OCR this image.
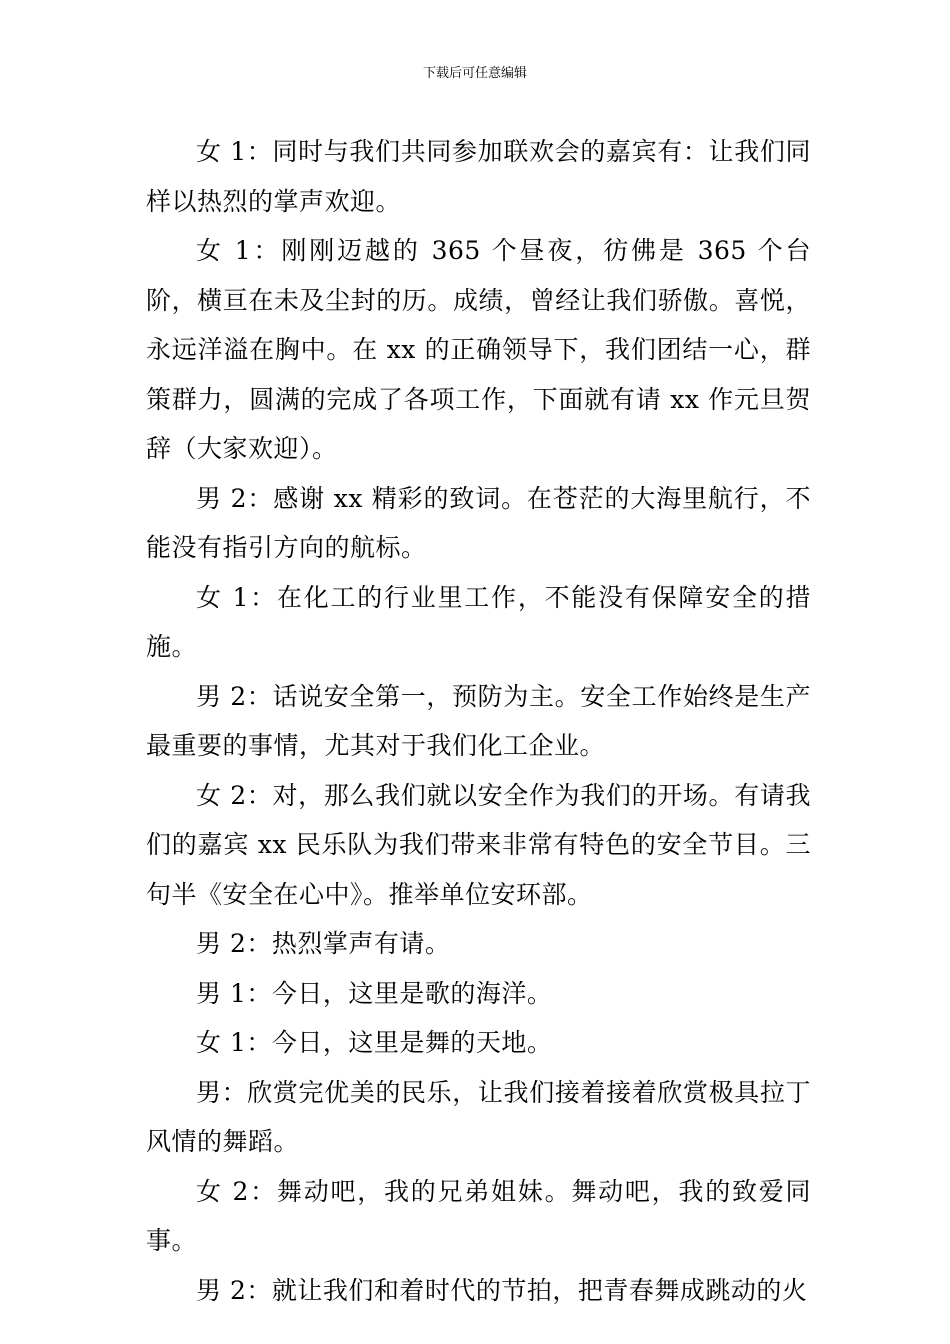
下载后可任意编辑

女 1：同时与我们共同参加联欢会的嘉宾有：让我们同样以热烈的掌声欢迎。

女 1：刚刚迈越的 365 个昼夜，彷佛是 365 个台阶，横亘在未及尘封的历。成绩，曾经让我们骄傲。喜悦，永远洋溢在胸中。在 xx 的正确领导下，我们团结一心，群策群力，圆满的完成了各项工作，下面就有请 xx 作元旦贺辞（大家欢迎）。

男 2：感谢 xx 精彩的致词。在苍茫的大海里航行，不能没有指引方向的航标。

女 1：在化工的行业里工作，不能没有保障安全的措施。

男 2：话说安全第一，预防为主。安全工作始终是生产最重要的事情，尤其对于我们化工企业。

女 2：对，那么我们就以安全作为我们的开场。有请我们的嘉宾 xx 民乐队为我们带来非常有特色的安全节目。三句半《安全在心中》。推举单位安环部。

男 2：热烈掌声有请。

男 1：今日，这里是歌的海洋。

女 1：今日，这里是舞的天地。

男：欣赏完优美的民乐，让我们接着接着欣赏极具拉丁风情的舞蹈。

女 2：舞动吧，我的兄弟姐妹。舞动吧，我的致爱同事。

男 2：就让我们和着时代的节拍，把青春舞成跳动的火
